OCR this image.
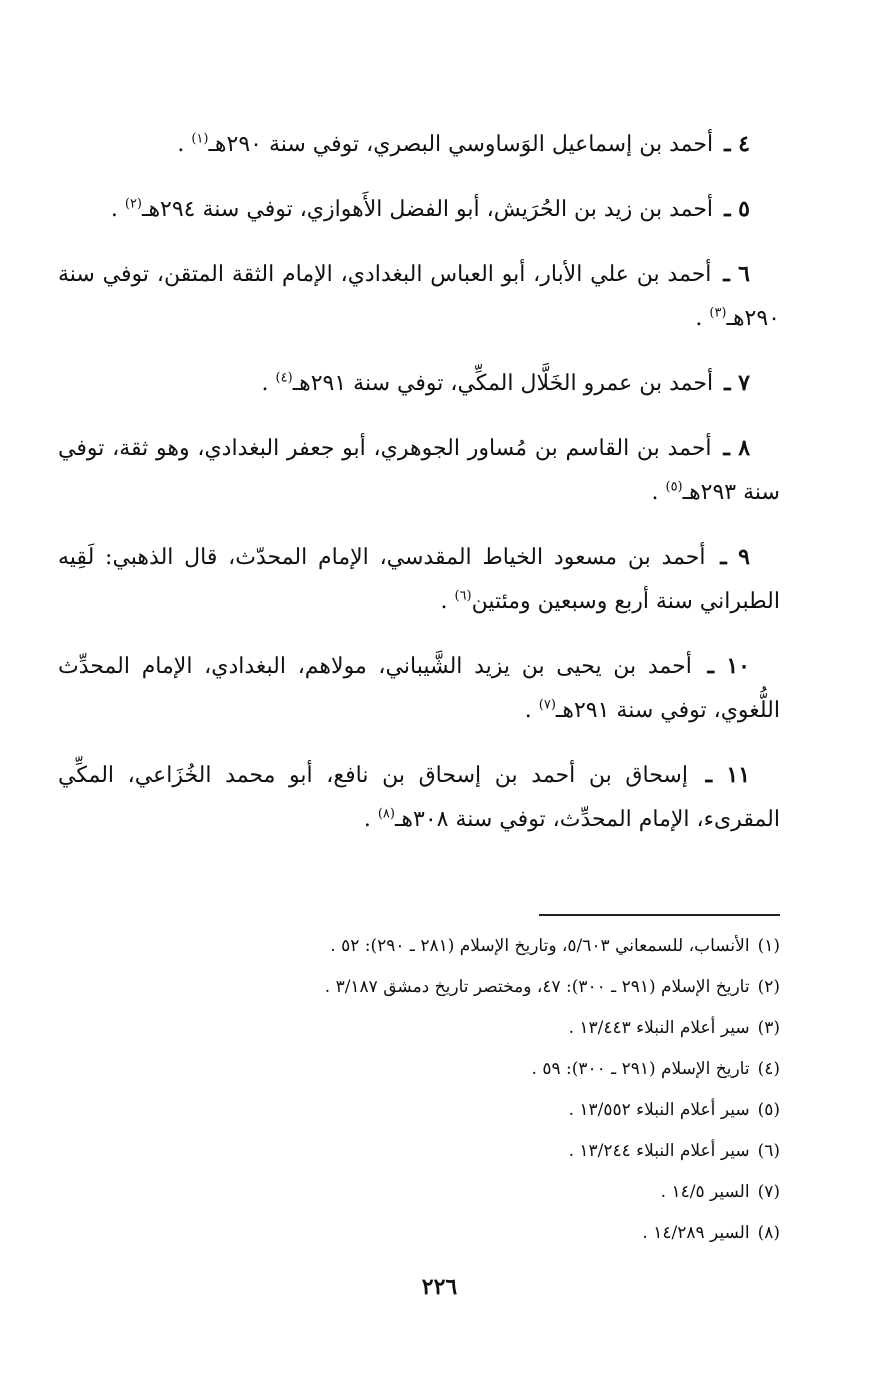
٤ ـ أحمد بن إسماعيل الوَساوسي البصري، توفي سنة ٢٩٠هـ$^{(١)}$ .

٥ ـ أحمد بن زيد بن الحُرَيش، أبو الفضل الأَهوازي، توفي سنة ٢٩٤هـ$^{(٢)}$ .

٦ ـ أحمد بن علي الأبار، أبو العباس البغدادي، الإمام الثقة المتقن، توفي سنة ٢٩٠هـ$^{(٣)}$ .

٧ ـ أحمد بن عمرو الخَلَّال المكِّي، توفي سنة ٢٩١هـ$^{(٤)}$ .

٨ ـ أحمد بن القاسم بن مُساور الجوهري، أبو جعفر البغدادي، وهو ثقة، توفي سنة ٢٩٣هـ$^{(٥)}$ .

٩ ـ أحمد بن مسعود الخياط المقدسي، الإمام المحدّث، قال الذهبي: لَقِيه الطبراني سنة أربع وسبعين ومئتين$^{(٦)}$ .

١٠ ـ أحمد بن يحيى بن يزيد الشَّيباني، مولاهم، البغدادي، الإمام المحدِّث اللُّغوي، توفي سنة ٢٩١هـ$^{(٧)}$ .

١١ ـ إسحاق بن أحمد بن إسحاق بن نافع، أبو محمد الخُزَاعي، المكِّي المقرىء، الإمام المحدِّث، توفي سنة ٣٠٨هـ$^{(٨)}$ .

(١)الأنساب، للسمعاني ٥/٦٠٣، وتاريخ الإسلام (٢٨١ ـ ٢٩٠): ٥٢ .
(٢)تاريخ الإسلام (٢٩١ ـ ٣٠٠): ٤٧، ومختصر تاريخ دمشق ٣/١٨٧ .
(٣)سير أعلام النبلاء ١٣/٤٤٣ .
(٤)تاريخ الإسلام (٢٩١ ـ ٣٠٠): ٥٩ .
(٥)سير أعلام النبلاء ١٣/٥٥٢ .
(٦)سير أعلام النبلاء ١٣/٢٤٤ .
(٧)السير ١٤/٥ .
(٨)السير ١٤/٢٨٩ .
٢٢٦
